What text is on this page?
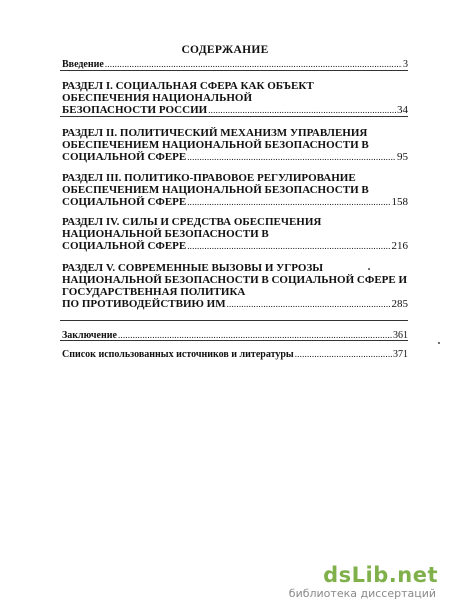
СОДЕРЖАНИЕ
Введение .....	3
РАЗДЕЛ I. СОЦИАЛЬНАЯ СФЕРА КАК ОБЪЕКТ
ОБЕСПЕЧЕНИЯ НАЦИОНАЛЬНОЙ
БЕЗОПАСНОСТИ РОССИИ .....	34
РАЗДЕЛ II. ПОЛИТИЧЕСКИЙ МЕХАНИЗМ УПРАВЛЕНИЯ
ОБЕСПЕЧЕНИЕМ НАЦИОНАЛЬНОЙ БЕЗОПАСНОСТИ В
СОЦИАЛЬНОЙ СФЕРЕ .....	95
РАЗДЕЛ III. ПОЛИТИКО-ПРАВОВОЕ РЕГУЛИРОВАНИЕ
ОБЕСПЕЧЕНИЕМ НАЦИОНАЛЬНОЙ БЕЗОПАСНОСТИ В
СОЦИАЛЬНОЙ СФЕРЕ .....	158
РАЗДЕЛ IV. СИЛЫ И СРЕДСТВА ОБЕСПЕЧЕНИЯ
НАЦИОНАЛЬНОЙ БЕЗОПАСНОСТИ В
СОЦИАЛЬНОЙ СФЕРЕ .....	216
РАЗДЕЛ V. СОВРЕМЕННЫЕ ВЫЗОВЫ И УГРОЗЫ
НАЦИОНАЛЬНОЙ БЕЗОПАСНОСТИ В СОЦИАЛЬНОЙ СФЕРЕ И
ГОСУДАРСТВЕННАЯ ПОЛИТИКА
ПО ПРОТИВОДЕЙСТВИЮ ИМ .....	285
Заключение .....	361
Список использованных источников и литературы .....	371
dsLib.net
библиотека диссертаций
